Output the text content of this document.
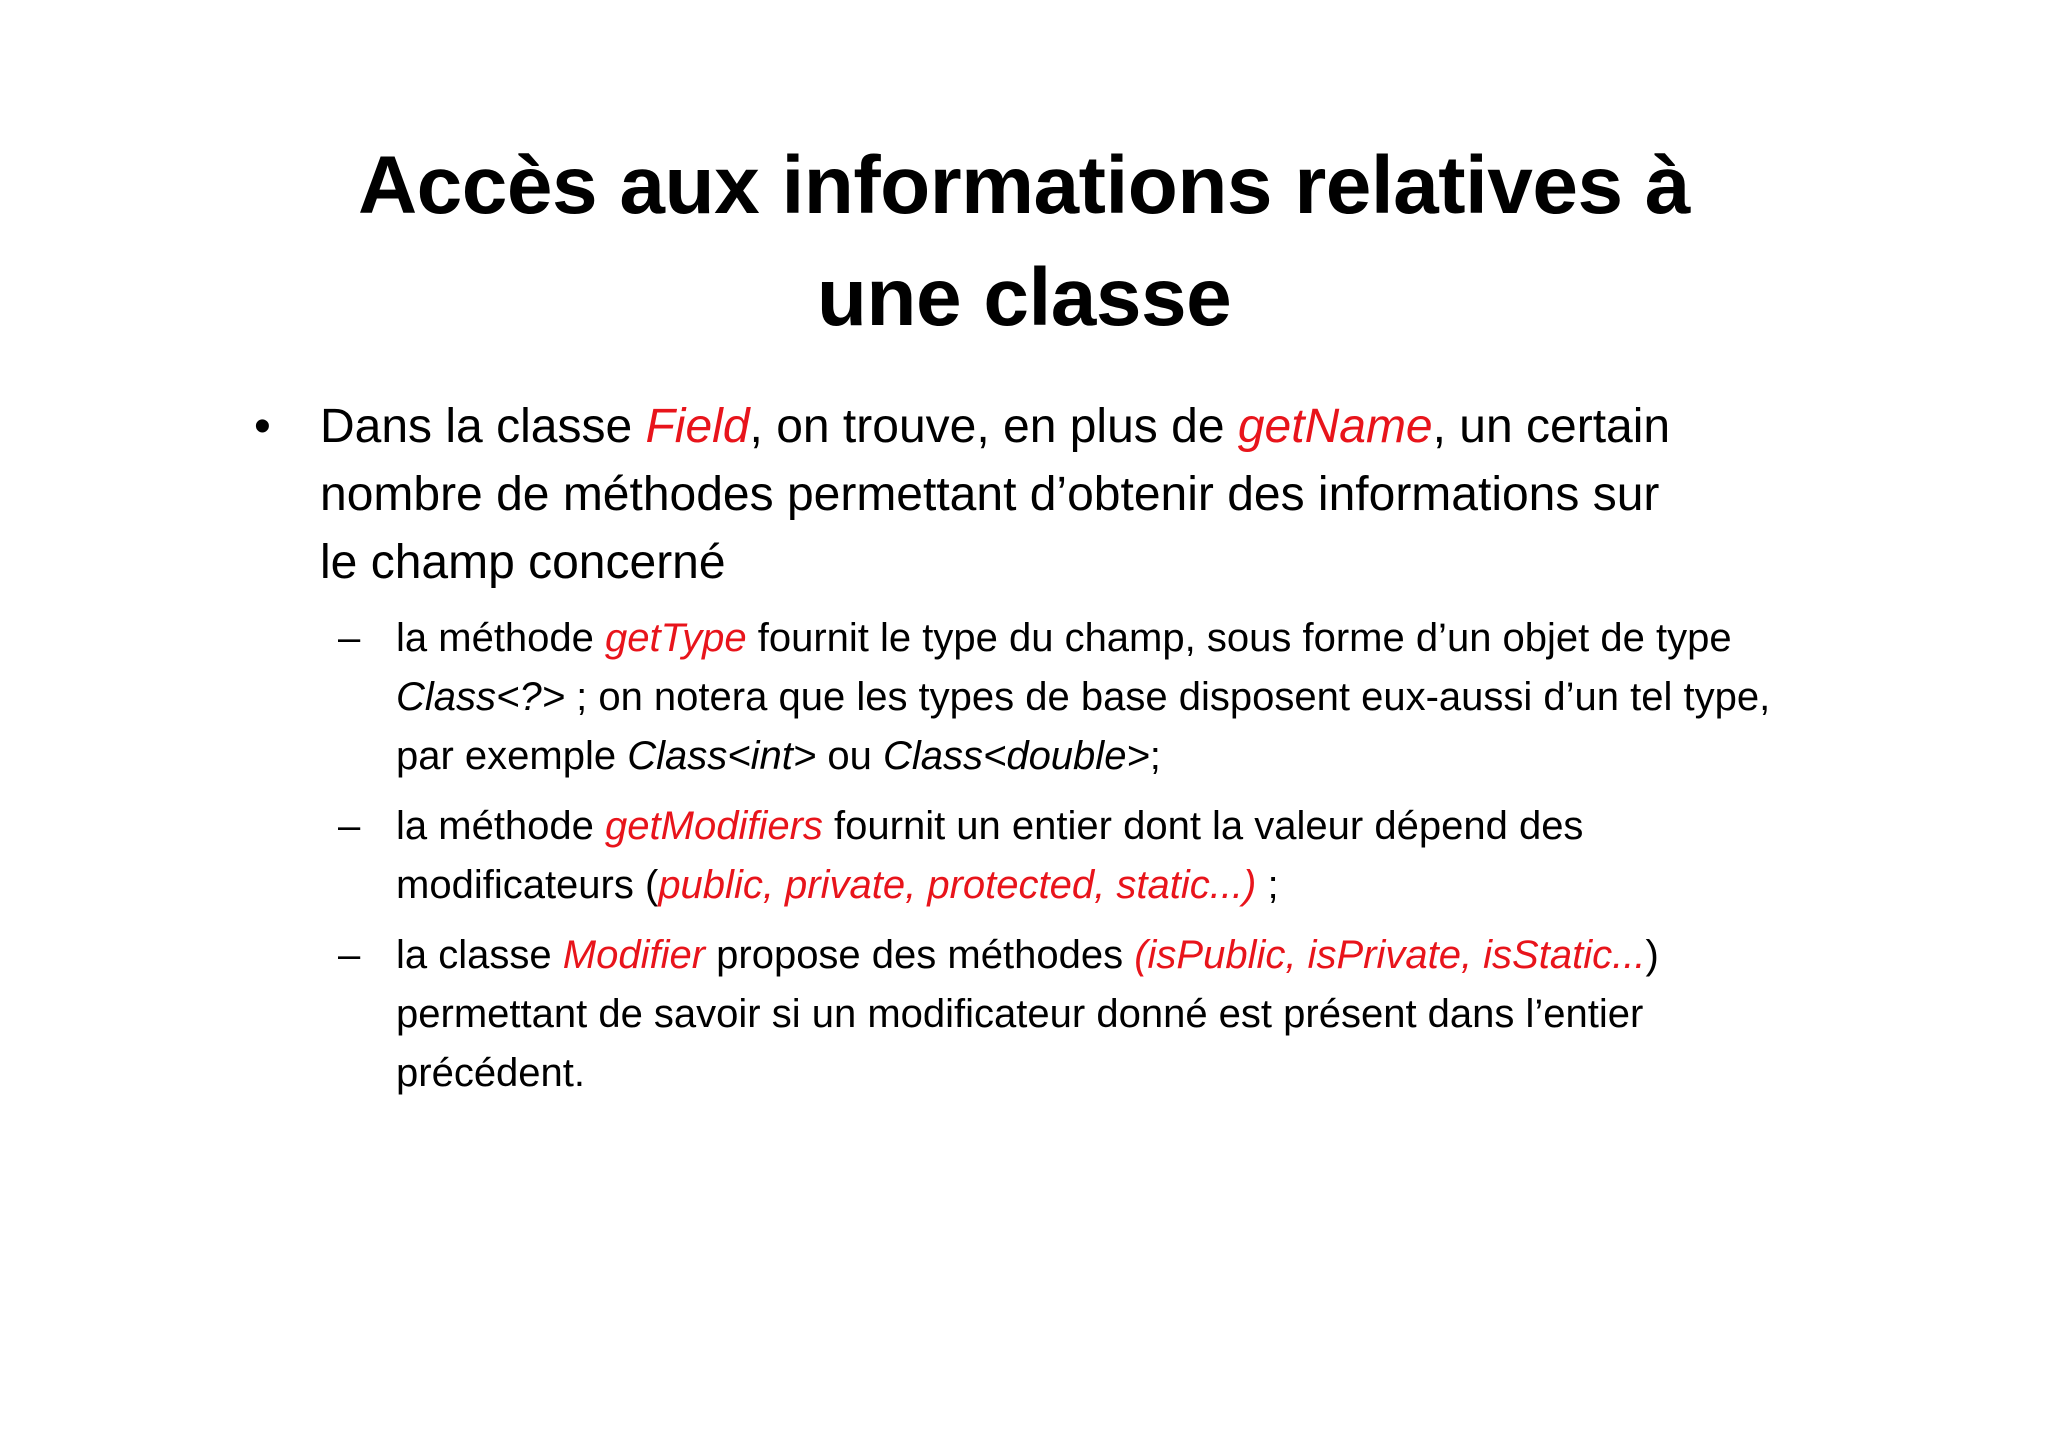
Accès aux informations relatives à
une classe

• Dans la classe Field, on trouve, en plus de getName, un certain nombre de méthodes permettant d’obtenir des informations sur le champ concerné

– la méthode getType fournit le type du champ, sous forme d’un objet de type Class<?> ; on notera que les types de base disposent eux-aussi d’un tel type, par exemple Class<int> ou Class<double>;
– la méthode getModifiers fournit un entier dont la valeur dépend des modificateurs (public, private, protected, static...) ;
– la classe Modifier propose des méthodes (isPublic, isPrivate, isStatic...) permettant de savoir si un modificateur donné est présent dans l’entier précédent.
